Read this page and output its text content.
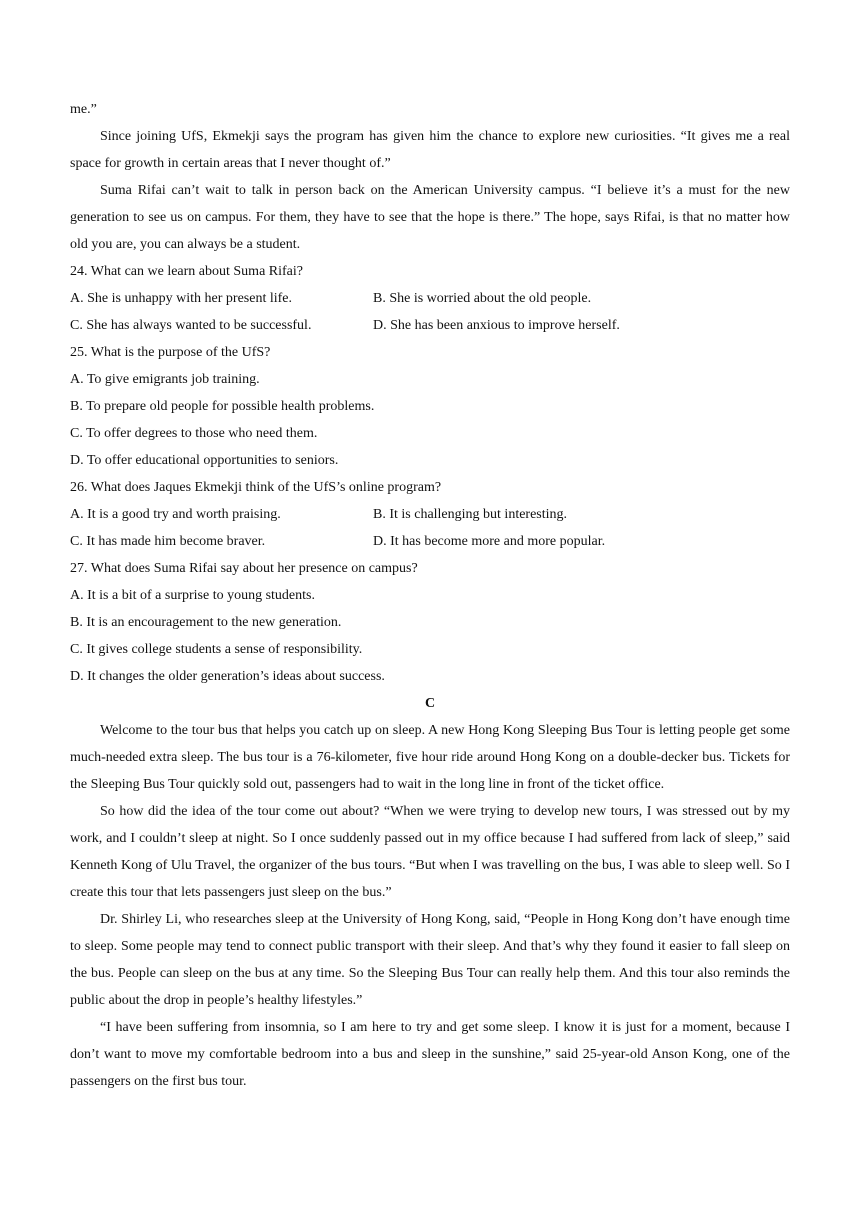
me.”

Since joining UfS, Ekmekji says the program has given him the chance to explore new curiosities. “It gives me a real space for growth in certain areas that I never thought of.”

Suma Rifai can’t wait to talk in person back on the American University campus. “I believe it’s a must for the new generation to see us on campus. For them, they have to see that the hope is there.” The hope, says Rifai, is that no matter how old you are, you can always be a student.

24. What can we learn about Suma Rifai?
A. She is unhappy with her present life.	B. She is worried about the old people.
C. She has always wanted to be successful.	D. She has been anxious to improve herself.
25. What is the purpose of the UfS?
A. To give emigrants job training.
B. To prepare old people for possible health problems.
C. To offer degrees to those who need them.
D. To offer educational opportunities to seniors.
26. What does Jaques Ekmekji think of the UfS’s online program?
A. It is a good try and worth praising.	B. It is challenging but interesting.
C. It has made him become braver.	D. It has become more and more popular.
27. What does Suma Rifai say about her presence on campus?
A. It is a bit of a surprise to young students.
B. It is an encouragement to the new generation.
C. It gives college students a sense of responsibility.
D. It changes the older generation’s ideas about success.
C

Welcome to the tour bus that helps you catch up on sleep. A new Hong Kong Sleeping Bus Tour is letting people get some much-needed extra sleep. The bus tour is a 76-kilometer, five hour ride around Hong Kong on a double-decker bus. Tickets for the Sleeping Bus Tour quickly sold out, passengers had to wait in the long line in front of the ticket office.

So how did the idea of the tour come out about? “When we were trying to develop new tours, I was stressed out by my work, and I couldn’t sleep at night. So I once suddenly passed out in my office because I had suffered from lack of sleep,” said Kenneth Kong of Ulu Travel, the organizer of the bus tours. “But when I was travelling on the bus, I was able to sleep well. So I create this tour that lets passengers just sleep on the bus.”

Dr. Shirley Li, who researches sleep at the University of Hong Kong, said, “People in Hong Kong don’t have enough time to sleep. Some people may tend to connect public transport with their sleep. And that’s why they found it easier to fall sleep on the bus. People can sleep on the bus at any time. So the Sleeping Bus Tour can really help them. And this tour also reminds the public about the drop in people’s healthy lifestyles.”

“I have been suffering from insomnia, so I am here to try and get some sleep. I know it is just for a moment, because I don’t want to move my comfortable bedroom into a bus and sleep in the sunshine,” said 25-year-old Anson Kong, one of the passengers on the first bus tour.
